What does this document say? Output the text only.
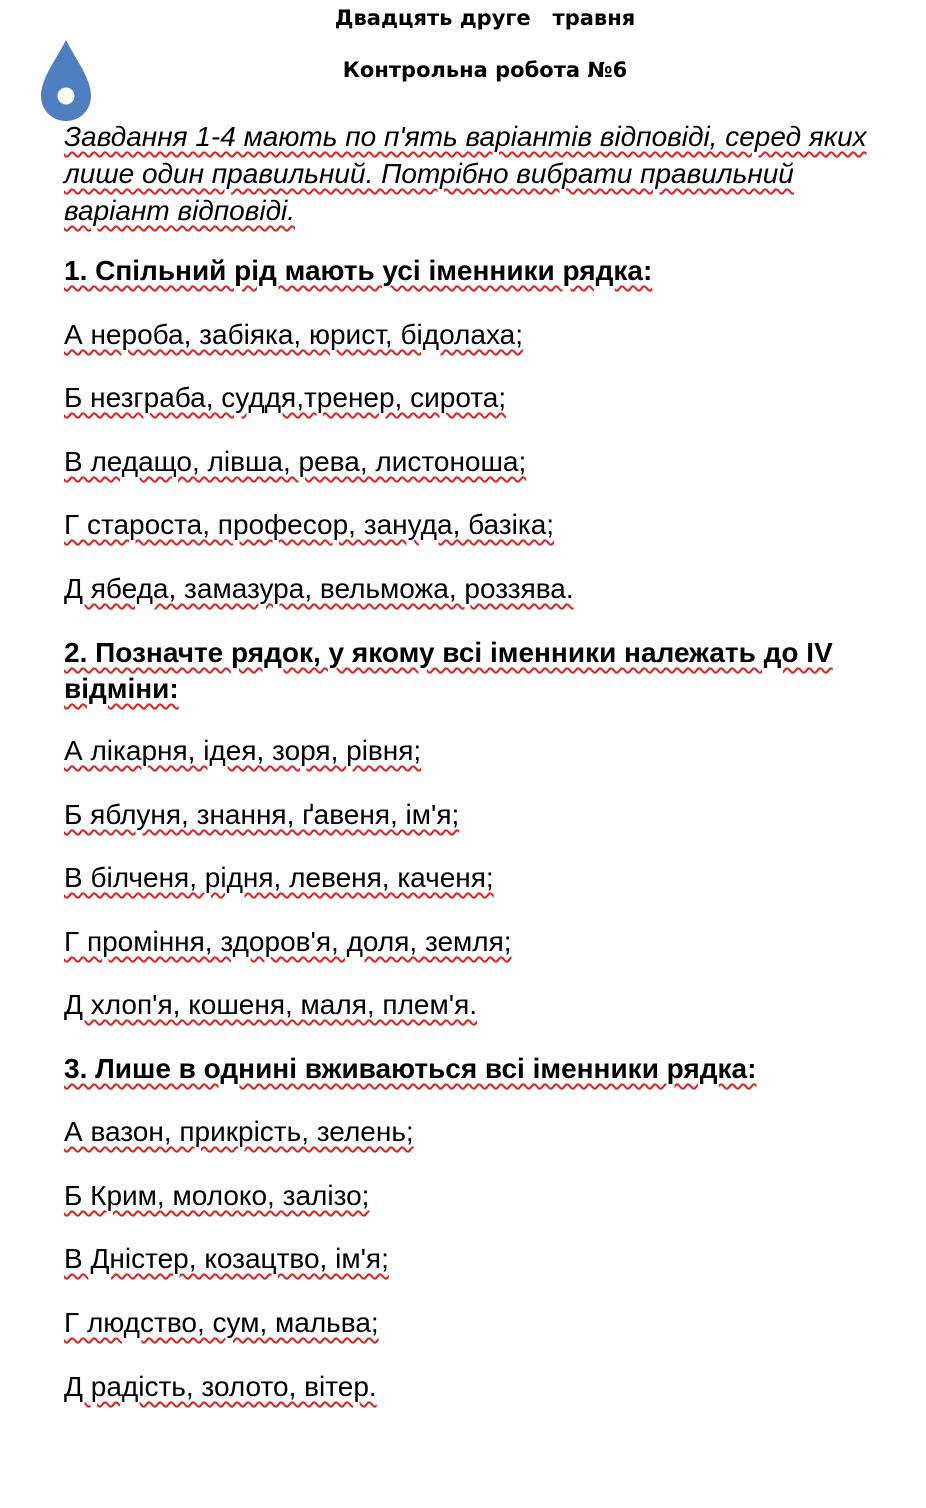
Двадцять друге   травня
Контрольна робота №6
Завдання 1-4 мають по п'ять варіантів відповіді, серед яких
лише один правильний. Потрібно вибрати правильний
варіант відповіді.
1. Спільний рід мають усі іменники рядка:
А нероба, забіяка, юрист, бідолаха;
Б незграба, суддя,тренер, сирота;
В ледащо, лівша, рева, листоноша;
Г староста, професор, зануда, базіка;
Д ябеда, замазура, вельможа, роззява.
2. Позначте рядок, у якому всі іменники належать до IV
відміни:
А лікарня, ідея, зоря, рівня;
Б яблуня, знання, ґавеня, ім'я;
В білченя, рідня, левеня, каченя;
Г проміння, здоров'я, доля, земля;
Д хлоп'я, кошеня, маля, плем'я.
3. Лише в однині вживаються всі іменники рядка:
А вазон, прикрість, зелень;
Б Крим, молоко, залізо;
В Дністер, козацтво, ім'я;
Г людство, сум, мальва;
Д радість, золото, вітер.
